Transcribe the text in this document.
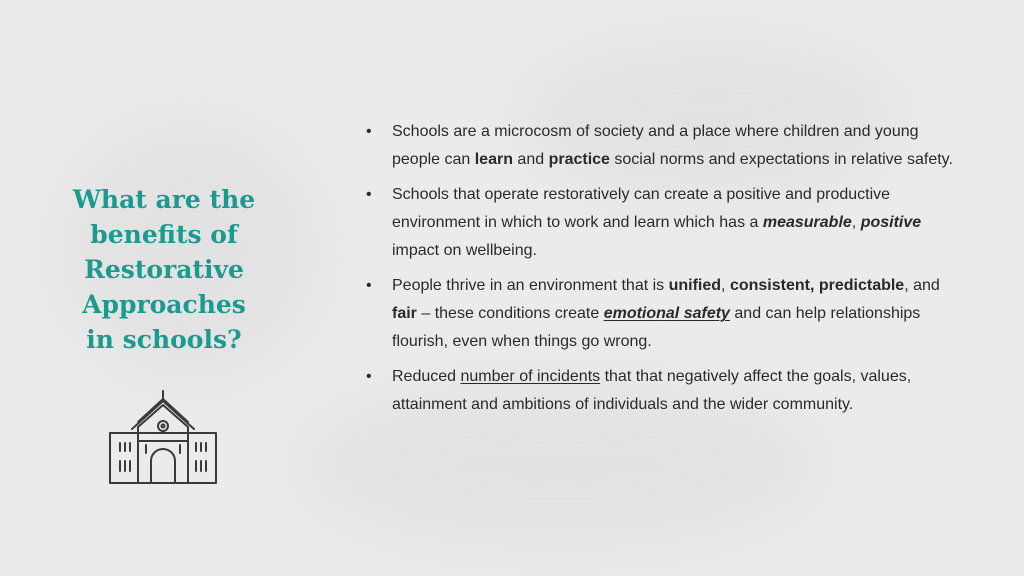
What are the
benefits of
Restorative
Approaches
in schools?
• Schools are a microcosm of society and a place where children and young people can learn and practice social norms and expectations in relative safety.
• Schools that operate restoratively can create a positive and productive environment in which to work and learn which has a measurable, positive impact on wellbeing.
• People thrive in an environment that is unified, consistent, predictable, and fair – these conditions create emotional safety and can help relationships flourish, even when things go wrong.
• Reduced number of incidents that that negatively affect the goals, values, attainment and ambitions of individuals and the wider community.
